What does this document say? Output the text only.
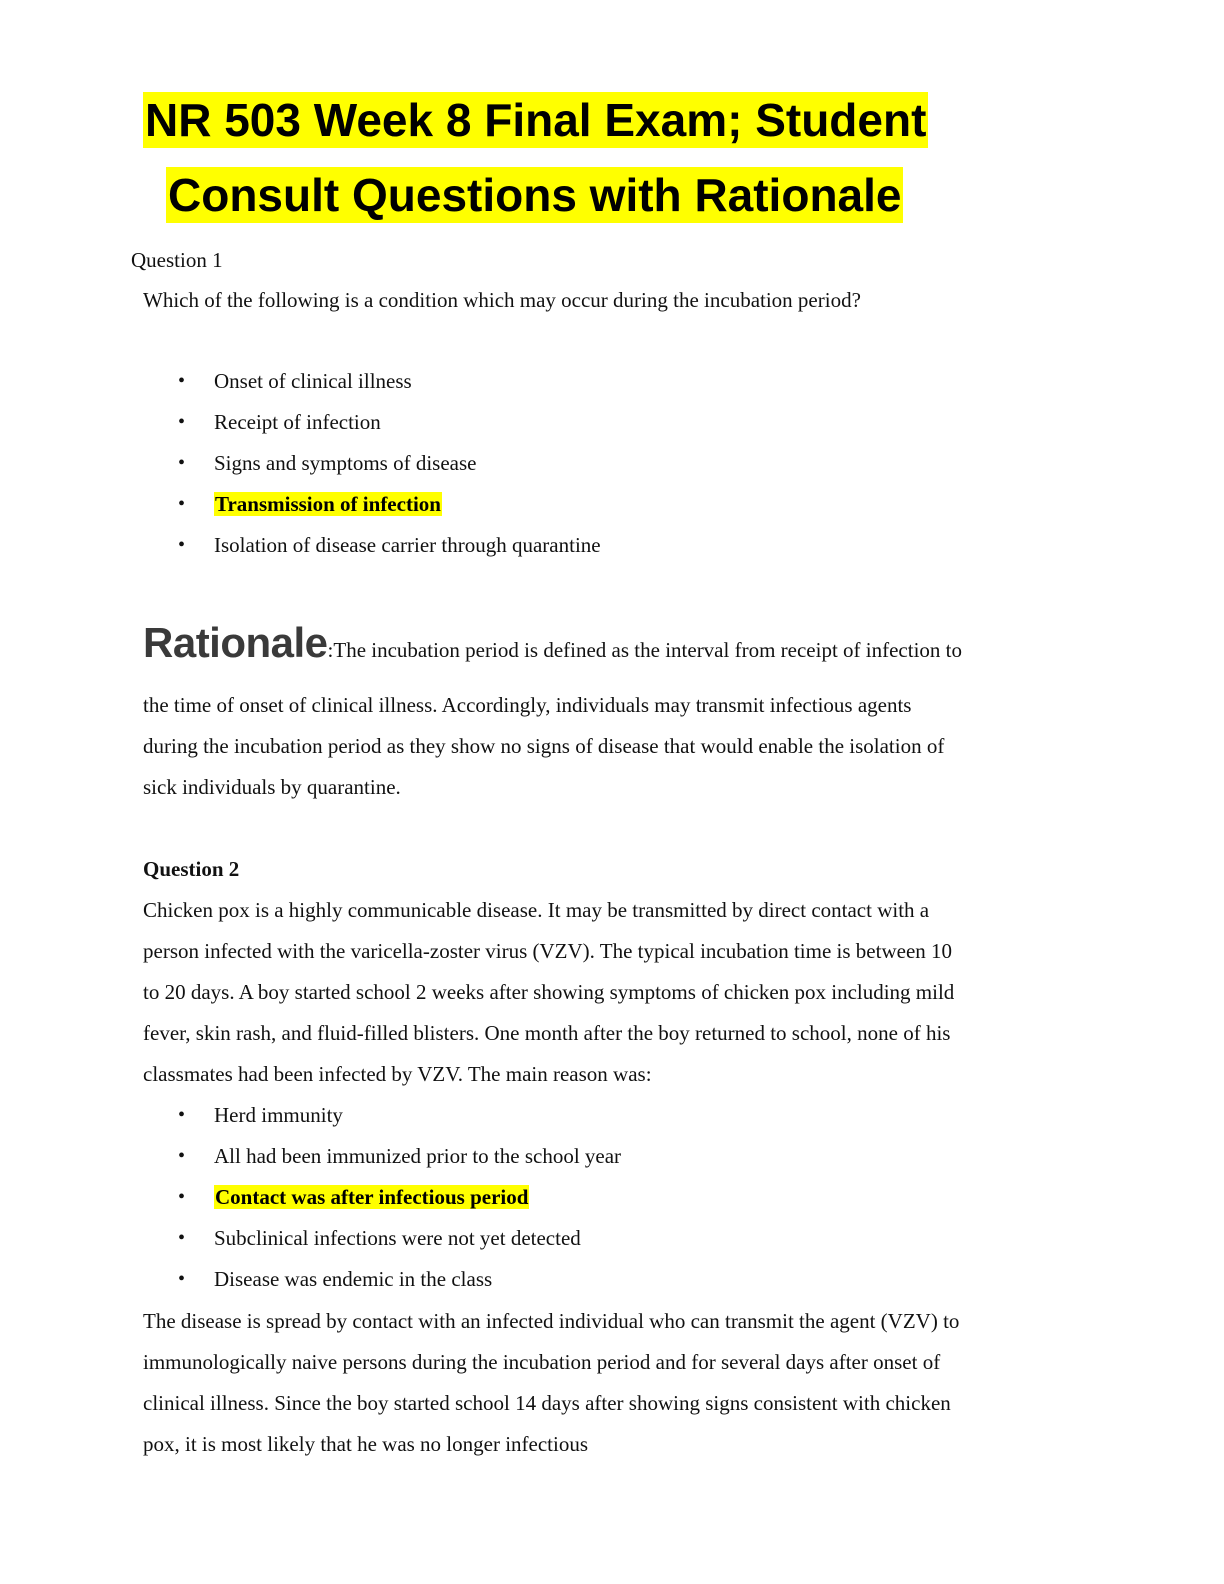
NR 503 Week 8 Final Exam; Student
Consult Questions with Rationale
Question 1
Which of the following is a condition which may occur during the incubation period?
• Onset of clinical illness
• Receipt of infection
• Signs and symptoms of disease
• Transmission of infection
• Isolation of disease carrier through quarantine
Rationale:The incubation period is defined as the interval from receipt of infection to
the time of onset of clinical illness. Accordingly, individuals may transmit infectious agents
during the incubation period as they show no signs of disease that would enable the isolation of
sick individuals by quarantine.
Question 2
Chicken pox is a highly communicable disease. It may be transmitted by direct contact with a
person infected with the varicella-zoster virus (VZV). The typical incubation time is between 10
to 20 days. A boy started school 2 weeks after showing symptoms of chicken pox including mild
fever, skin rash, and fluid-filled blisters. One month after the boy returned to school, none of his
classmates had been infected by VZV. The main reason was:
• Herd immunity
• All had been immunized prior to the school year
• Contact was after infectious period
• Subclinical infections were not yet detected
• Disease was endemic in the class
The disease is spread by contact with an infected individual who can transmit the agent (VZV) to
immunologically naive persons during the incubation period and for several days after onset of
clinical illness. Since the boy started school 14 days after showing signs consistent with chicken
pox, it is most likely that he was no longer infectious
